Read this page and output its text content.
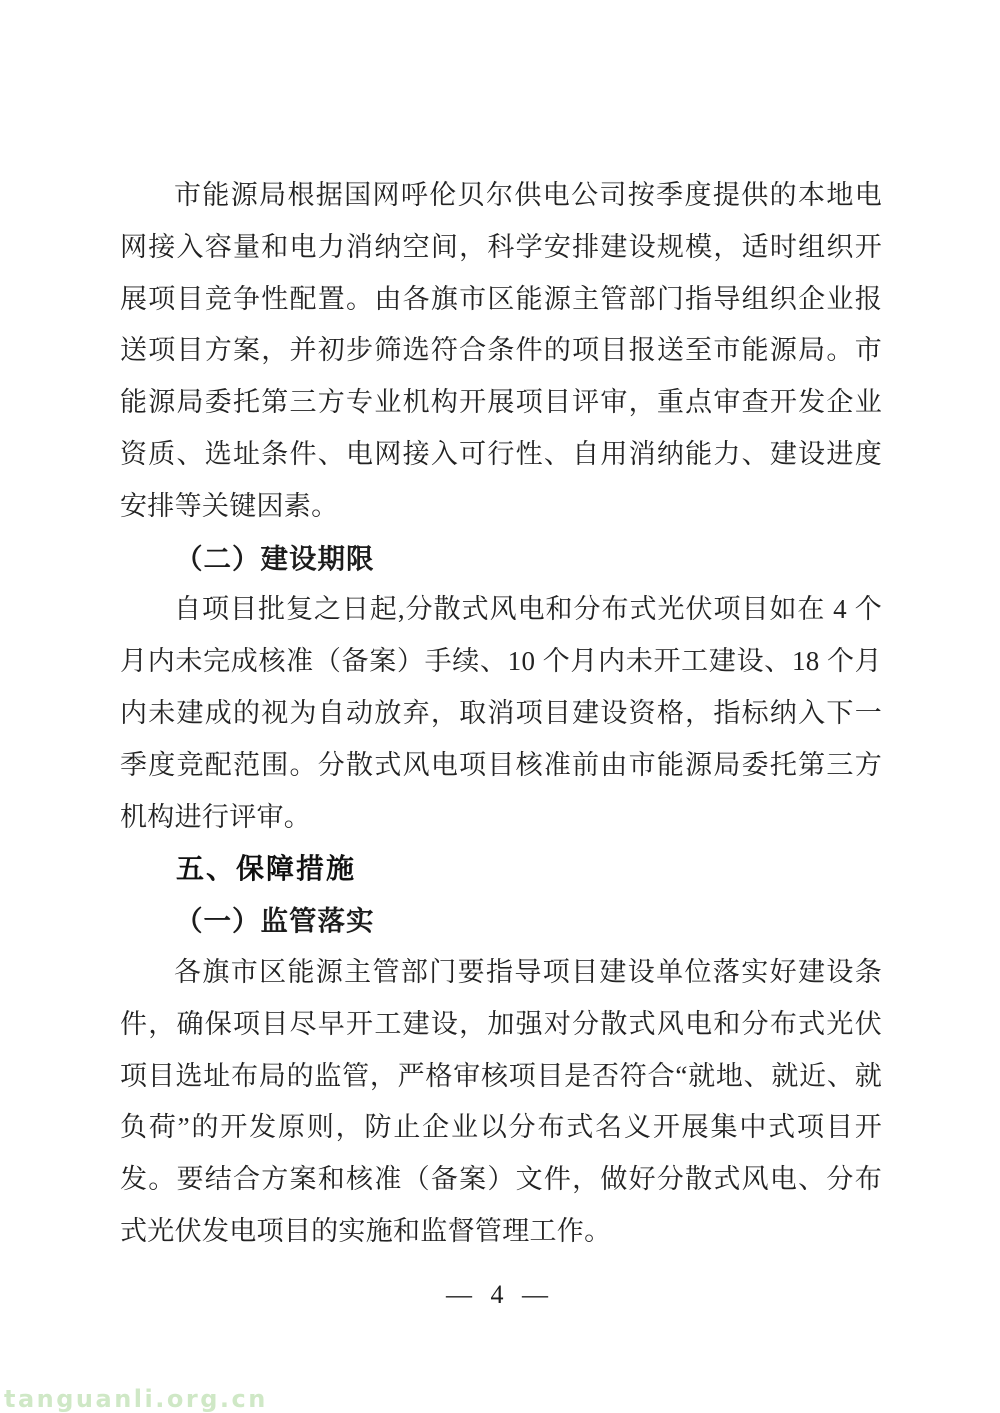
市能源局根据国网呼伦贝尔供电公司按季度提供的本地电网接入容量和电力消纳空间，科学安排建设规模，适时组织开展项目竞争性配置。由各旗市区能源主管部门指导组织企业报送项目方案，并初步筛选符合条件的项目报送至市能源局。市能源局委托第三方专业机构开展项目评审，重点审查开发企业资质、选址条件、电网接入可行性、自用消纳能力、建设进度安排等关键因素。

（二）建设期限

自项目批复之日起,分散式风电和分布式光伏项目如在 4 个月内未完成核准（备案）手续、10 个月内未开工建设、18 个月内未建成的视为自动放弃，取消项目建设资格，指标纳入下一季度竞配范围。分散式风电项目核准前由市能源局委托第三方机构进行评审。

五、保障措施

（一）监管落实

各旗市区能源主管部门要指导项目建设单位落实好建设条件，确保项目尽早开工建设，加强对分散式风电和分布式光伏项目选址布局的监管，严格审核项目是否符合“就地、就近、就负荷”的开发原则，防止企业以分布式名义开展集中式项目开发。要结合方案和核准（备案）文件，做好分散式风电、分布式光伏发电项目的实施和监督管理工作。

— 4 —
tanguanli.org.cn
